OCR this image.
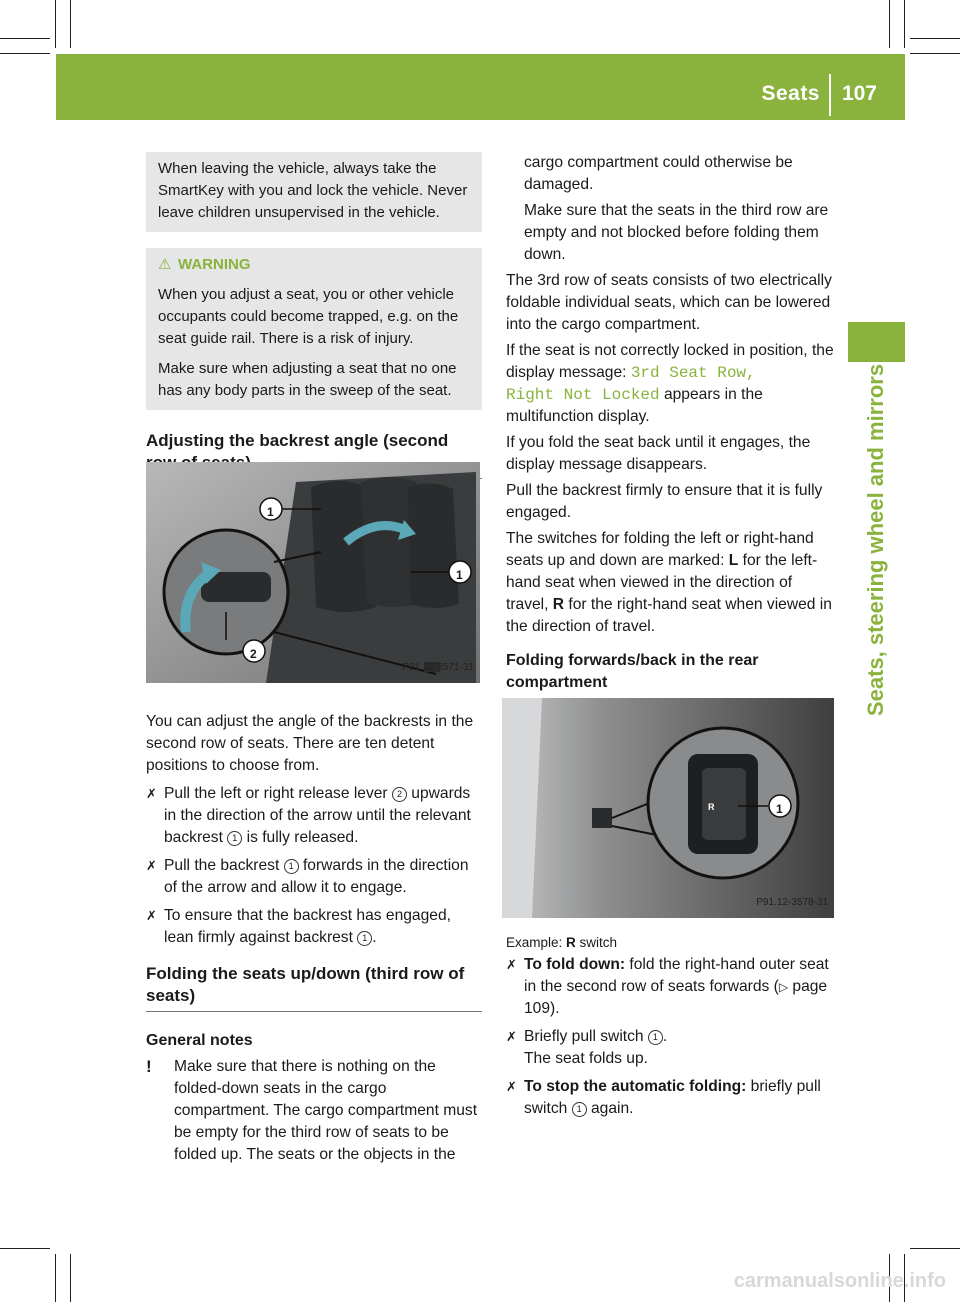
Seats 107
Seats, steering wheel and mirrors

When leaving the vehicle, always take the SmartKey with you and lock the vehicle. Never leave children unsupervised in the vehicle.

⚠ WARNING

When you adjust a seat, you or other vehicle occupants could become trapped, e.g. on the seat guide rail. There is a risk of injury.

Make sure when adjusting a seat that no one has any body parts in the sweep of the seat.

Adjusting the backrest angle (second

You can adjust the angle of the backrests in the second row of seats. There are ten detent positions to choose from.

✗ Pull the left or right release lever 2 upwards in the direction of the arrow until the relevant backrest 1 is fully released.

✗ Pull the backrest 1 forwards in the direction of the arrow and allow it to engage.

✗ To ensure that the backrest has engaged, lean firmly against backrest 1 .

Folding the seats up/down (third row of seats)
General notes

! Make sure that there is nothing on the folded-down seats in the cargo compartment. The cargo compartment must be empty for the third row of seats to be folded up. The seats or the objects in the

1
1
2
P91.12-3571-31

cargo compartment could otherwise be damaged.

Make sure that the seats in the third row are empty and not blocked before folding them down.

The 3rd row of seats consists of two electrically foldable individual seats, which can be lowered into the cargo compartment.

If the seat is not correctly locked in position, the display message: 3rd Seat Row,
Right Not Locked appears in the multifunction display.

If you fold the seat back until it engages, the display message disappears.

Pull the backrest firmly to ensure that it is fully engaged.

The switches for folding the left or right-hand seats up and down are marked: L for the left-hand seat when viewed in the direction of travel, R for the right-hand seat when viewed in the direction of travel.

Folding forwards/back in the rear compartment

Example: R switch

✗ To fold down: fold the right-hand outer seat in the second row of seats forwards (▷ page 109).

✗ Briefly pull switch 1 .
The seat folds up.

✗ To stop the automatic folding: briefly pull switch 1 again.

R	1
P91.12-3578-31
carmanualsonline.info
